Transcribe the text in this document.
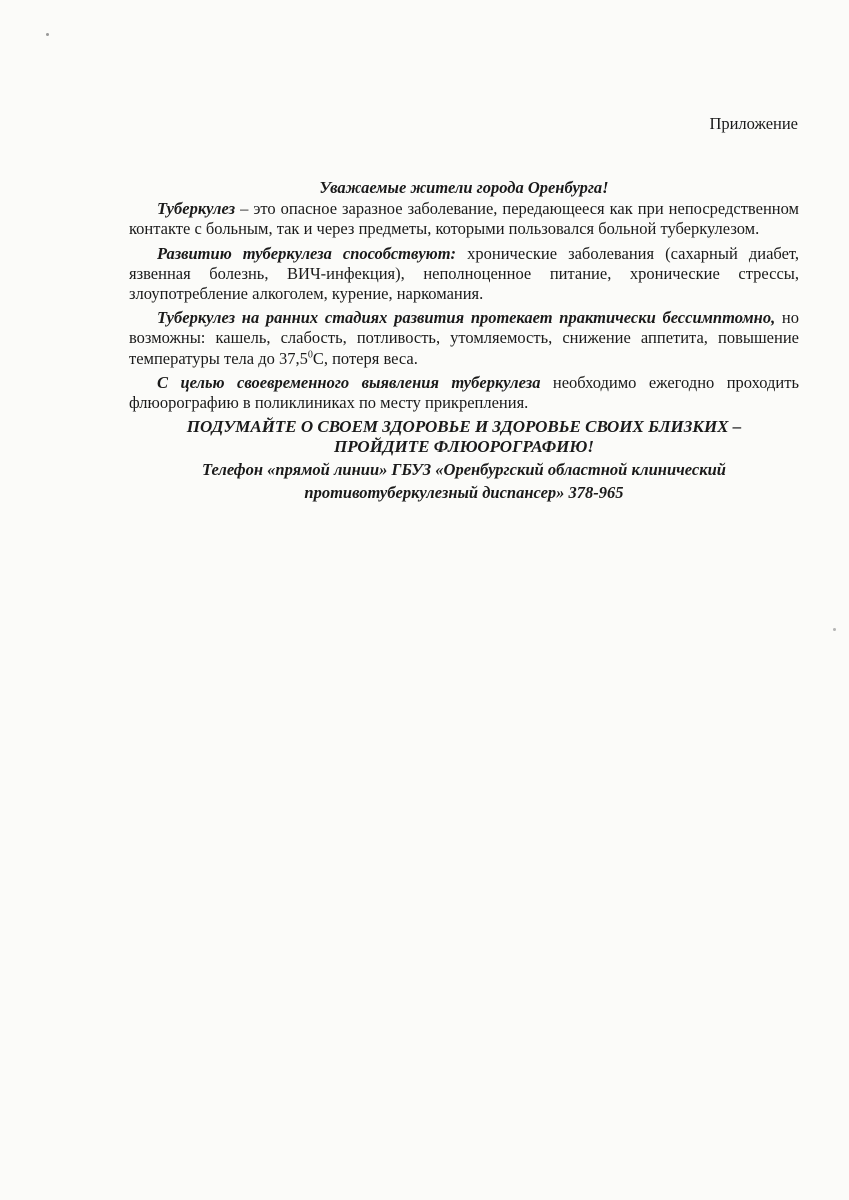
Приложение
Уважаемые жители города Оренбурга!

Туберкулез – это опасное заразное заболевание, передающееся как при непосредственном контакте с больным, так и через предметы, которыми пользовался больной туберкулезом.

Развитию туберкулеза способствуют: хронические заболевания (сахарный диабет, язвенная болезнь, ВИЧ-инфекция), неполноценное питание, хронические стрессы, злоупотребление алкоголем, курение, наркомания.

Туберкулез на ранних стадиях развития протекает практически бессимптомно, но возможны: кашель, слабость, потливость, утомляемость, снижение аппетита, повышение температуры тела до 37,5$^0$С, потеря веса.

С целью своевременного выявления туберкулеза необходимо ежегодно проходить флюорографию в поликлиниках по месту прикрепления.

ПОДУМАЙТЕ О СВОЕМ ЗДОРОВЬЕ И ЗДОРОВЬЕ СВОИХ БЛИЗКИХ –
ПРОЙДИТЕ ФЛЮОРОГРАФИЮ!
Телефон «прямой линии» ГБУЗ «Оренбургский областной клинический
противотуберкулезный диспансер» 378-965
